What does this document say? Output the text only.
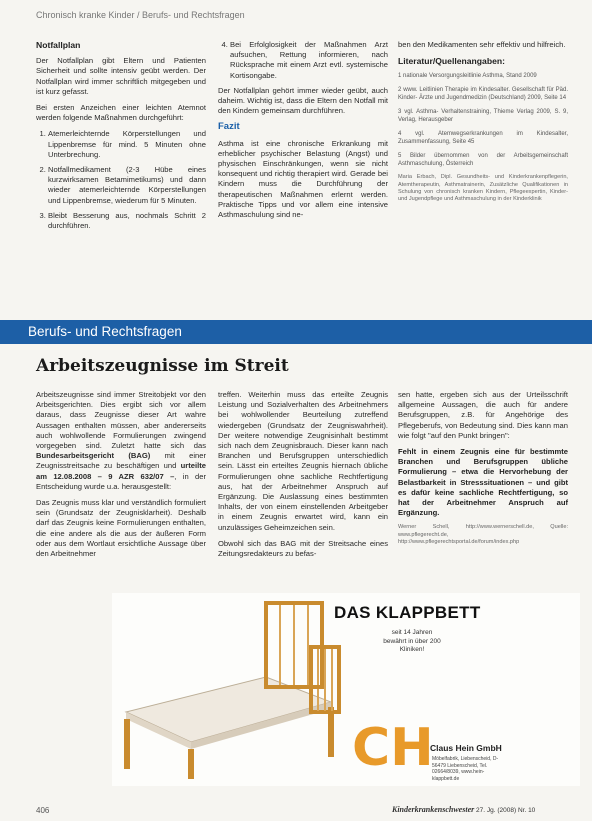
Chronisch kranke Kinder / Berufs- und Rechtsfragen
Notfallplan

Der Notfallplan gibt Eltern und Patienten Sicherheit und sollte intensiv geübt werden. Der Notfallplan wird immer schriftlich mitgegeben und ist kurz gefasst.

Bei ersten Anzeichen einer leichten Atemnot werden folgende Maßnahmen durchgeführt:

1. Atemerleichternde Körperstellungen und Lippenbremse für mind. 5 Minuten ohne Unterbrechung.
2. Notfallmedikament (2-3 Hübe eines kurzwirksamen Betamimetikums) und dann wieder atemerleichternde Körperstellungen und Lippenbremse, wiederum für 5 Minuten.
3. Bleibt Besserung aus, nochmals Schritt 2 durchführen.
4. Bei Erfolglosigkeit der Maßnahmen Arzt aufsuchen, Rettung informieren, nach Rücksprache mit einem Arzt evtl. systemische Kortisongabe.

Der Notfallplan gehört immer wieder geübt, auch daheim. Wichtig ist, dass die Eltern den Notfall mit den Kindern gemeinsam durchführen.

Fazit

Asthma ist eine chronische Erkrankung mit erheblicher psychischer Belastung (Angst) und physischen Einschränkungen, wenn sie nicht konsequent und richtig therapiert wird. Gerade bei Kindern muss die Durchführung der therapeutischen Maßnahmen erlernt werden. Praktische Tipps und vor allem eine intensive Asthmaschulung sind ne-

ben den Medikamenten sehr effektiv und hilfreich.

Literatur/Quellenangaben:
1 nationale Versorgungsleitlinie Asthma, Stand 2009
2 www. Leitlinien Therapie im Kindesalter. Gesellschaft für Päd. Kinder- Ärzte und Jugendmedizin (Deutschland) 2009, Seite 14
3 vgl. Asthma- Verhaltenstraining, Thieme Verlag 2009, S. 9, Verlag, Herausgeber
4 vgl. Atemwegserkrankungen im Kindesalter, Zusammenfassung, Seite 45
5 Bilder übernommen von der Arbeitsgemeinschaft Asthmaschulung, Österreich
Maria Erbach, Dipl. Gesundheits- und Kinderkrankenpflegerin, Atemtherapeutin, Asthmatrainerin, Zusätzliche Qualifikationen in Schulung von chronisch kranken Kindern, Pflegeexpertin, Kinder- und Jugendpflege und Asthmaschulung in der Kinderklinik
Berufs- und Rechtsfragen
Arbeitszeugnisse im Streit

Arbeitszeugnisse sind immer Streitobjekt vor den Arbeitsgerichten. Dies ergibt sich vor allem daraus, dass Zeugnisse dieser Art wahre Aussagen enthalten müssen, aber andererseits auch wohlwollende Formulierungen zwingend vorgegeben sind. Zuletzt hatte sich das Bundesarbeitsgericht (BAG) mit einer Zeugnisstreitsache zu beschäftigen und urteilte am 12.08.2008 – 9 AZR 632/07 –, in der Entscheidung wurde u.a. herausgestellt:

Das Zeugnis muss klar und verständlich formuliert sein (Grundsatz der Zeugnisklarheit). Deshalb darf das Zeugnis keine Formulierungen enthalten, die eine andere als die aus der äußeren Form oder aus dem Wortlaut ersichtliche Aussage über den Arbeitnehmer

treffen. Weiterhin muss das erteilte Zeugnis Leistung und Sozialverhalten des Arbeitnehmers bei wohlwollender Beurteilung zutreffend wiedergeben (Grundsatz der Zeugniswahrheit). Der weitere notwendige Zeugnisinhalt bestimmt sich nach dem Zeugnisbrauch. Dieser kann nach Branchen und Berufsgruppen unterschiedlich sein. Lässt ein erteiltes Zeugnis hiernach übliche Formulierungen ohne sachliche Rechtfertigung aus, hat der Arbeitnehmer Anspruch auf Ergänzung. Die Auslassung eines bestimmten Inhalts, der von einem einstellenden Arbeitgeber in einem Zeugnis erwartet wird, kann ein unzulässiges Geheimzeichen sein.

Obwohl sich das BAG mit der Streitsache eines Zeitungsredakteurs zu befas-

sen hatte, ergeben sich aus der Urteilsschrift allgemeine Aussagen, die auch für andere Berufsgruppen, z.B. für Angehörige des Pflegeberufs, von Bedeutung sind. Dies kann man wie folgt "auf den Punkt bringen":

Fehlt in einem Zeugnis eine für bestimmte Branchen und Berufsgruppen übliche Formulierung – etwa die Hervorhebung der Belastbarkeit in Stresssituationen – und gibt es dafür keine sachliche Rechtfertigung, so hat der Arbeitnehmer Anspruch auf Ergänzung.

Werner Schell, http://www.wernerschell.de, Quelle: www.pflegerecht.de, http://www.pflegerechtsportal.de/forum/index.php
DAS KLAPPBETT
seit 14 Jahren bewährt in über 200 Kliniken!
CH
Claus Hein GmbH
Möbelfabrik, Liebenscheid, D-56479 Liebenscheid, Tel. 02664/8039, www.hein-klappbett.de
406	Kinderkrankenschwester 27. Jg. (2008) Nr. 10
